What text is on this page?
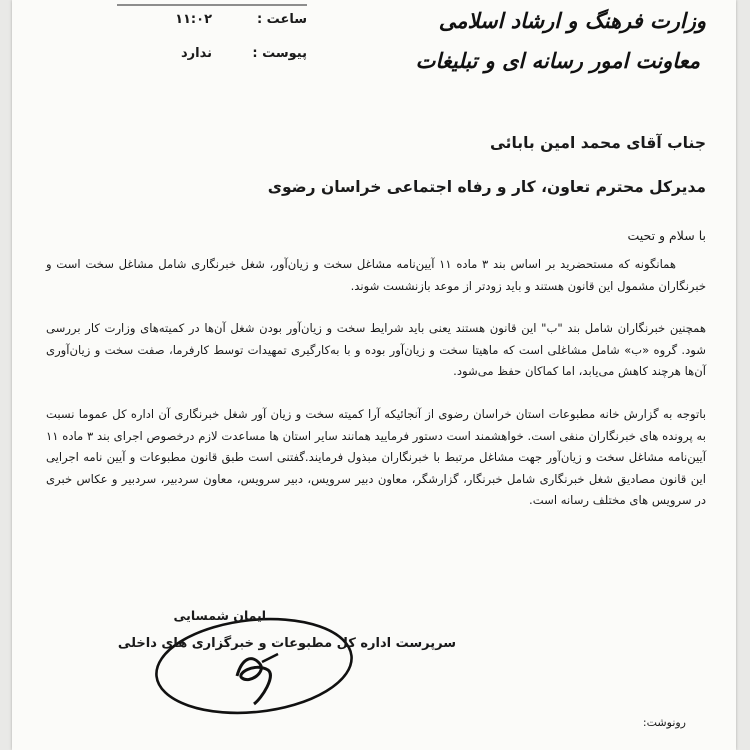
وزارت فرهنگ و ارشاد اسلامی
معاونت امور رسانه ای و تبلیغات
ساعت :
۱۱:۰۲
پیوست :
ندارد
جناب آقای محمد امین بابائی
مدیرکل محترم تعاون، کار و رفاه اجتماعی خراسان رضوی
با سلام و تحیت
همانگونه که مستحضرید بر اساس بند ۳ ماده ۱۱ آیین‌نامه مشاغل سخت و زیان‌آور، شغل خبرنگاری شامل مشاغل سخت است و خبرنگاران مشمول این قانون هستند و باید زودتر از موعد بازنشست شوند.
همچنین خبرنگاران شامل بند "ب" این قانون هستند یعنی باید شرایط سخت و زیان‌آور بودن شغل آن‌ها در کمیته‌های وزارت کار بررسی شود. گروه «ب» شامل مشاغلی است که ماهیتا سخت و زیان‌آور بوده و با به‌کارگیری تمهیدات توسط کارفرما، صفت سخت و زیان‌آوری آن‌ها هرچند کاهش می‌یابد، اما کماکان حفظ می‌شود.
باتوجه به گزارش خانه مطبوعات استان خراسان رضوی از آنجائیکه آرا کمیته سخت و زیان آور شغل خبرنگاری آن اداره کل عموما نسبت به پرونده های خبرنگاران منفی است. خواهشمند است دستور فرمایید همانند سایر استان ها مساعدت لازم درخصوص اجرای بند ۳ ماده ۱۱ آیین‌نامه مشاغل سخت و زیان‌آور جهت مشاغل مرتبط با خبرنگاران مبذول فرمایند.گفتنی است طبق قانون مطبوعات و آیین نامه اجرایی این قانون مصادیق شغل خبرنگاری شامل خبرنگار، گزارشگر، معاون دبیر سرویس، دبیر سرویس، معاون سردبیر، سردبیر و عکاس خبری در سرویس های مختلف رسانه است.
ایمان شمسایی
سرپرست اداره کل مطبوعات و خبرگزاری های داخلی
رونوشت:
